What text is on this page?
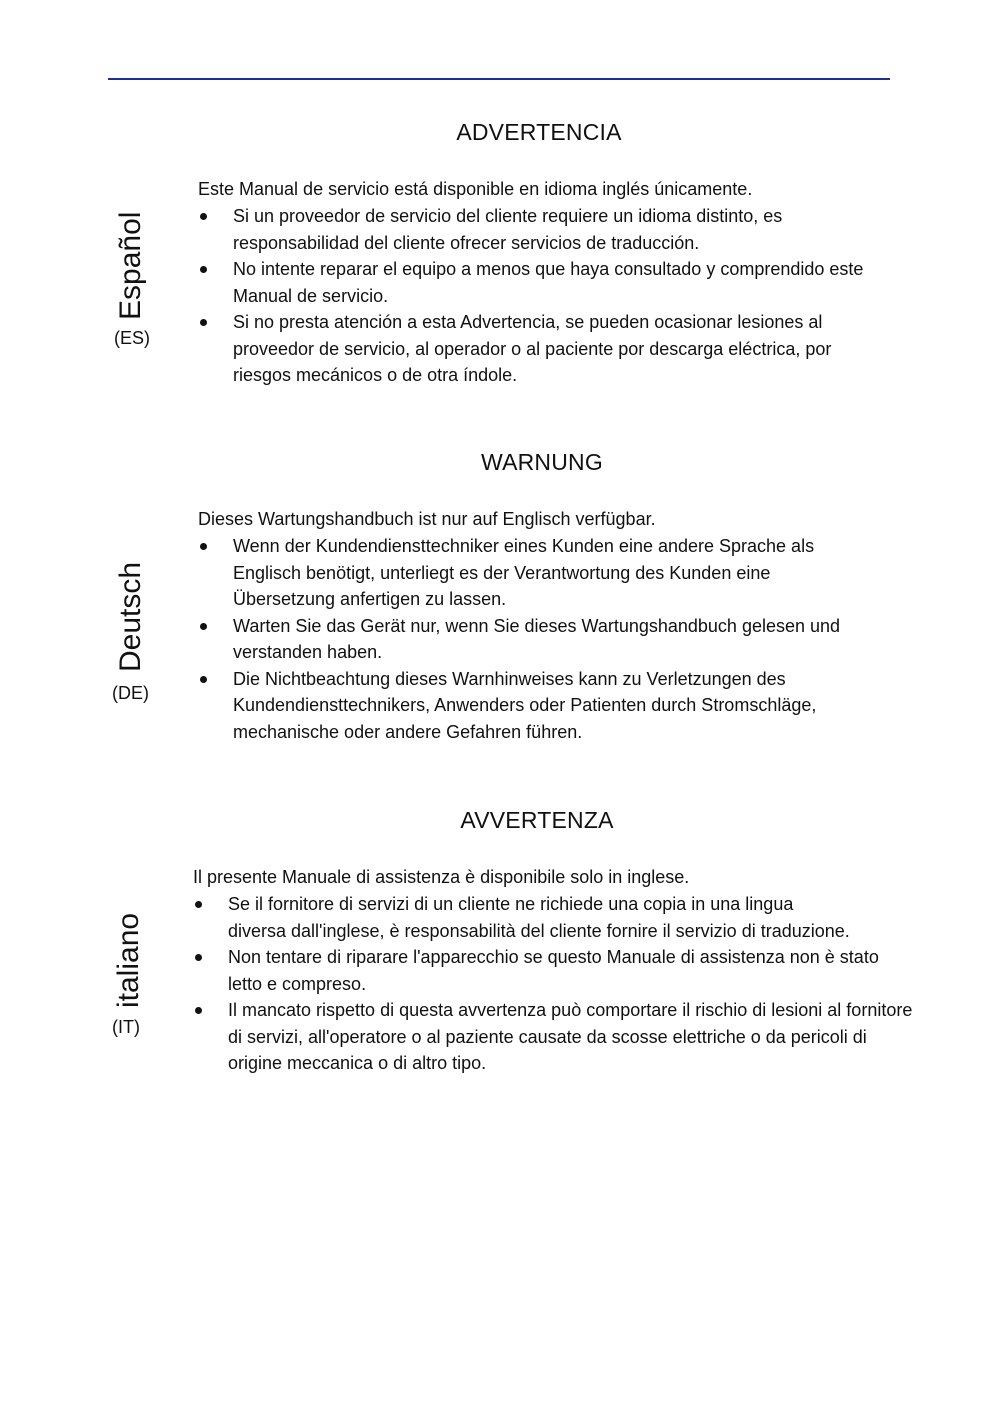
Español
(ES)
ADVERTENCIA
Este Manual de servicio está disponible en idioma inglés únicamente.
Si un proveedor de servicio del cliente requiere un idioma distinto, es responsabilidad del cliente ofrecer servicios de traducción.
No intente reparar el equipo a menos que haya consultado y comprendido este Manual de servicio.
Si no presta atención a esta Advertencia, se pueden ocasionar lesiones al proveedor de servicio, al operador o al paciente por descarga eléctrica, por riesgos mecánicos o de otra índole.
Deutsch
(DE)
WARNUNG
Dieses Wartungshandbuch ist nur auf Englisch verfügbar.
Wenn der Kundendiensttechniker eines Kunden eine andere Sprache als Englisch benötigt, unterliegt es der Verantwortung des Kunden eine Übersetzung anfertigen zu lassen.
Warten Sie das Gerät nur, wenn Sie dieses Wartungshandbuch gelesen und verstanden haben.
Die Nichtbeachtung dieses Warnhinweises kann zu Verletzungen des Kundendiensttechnikers, Anwenders oder Patienten durch Stromschläge, mechanische oder andere Gefahren führen.
italiano
(IT)
AVVERTENZA
Il presente Manuale di assistenza è disponibile solo in inglese.
Se il fornitore di servizi di un cliente ne richiede una copia in una lingua diversa dall'inglese, è responsabilità del cliente fornire il servizio di traduzione.
Non tentare di riparare l'apparecchio se questo Manuale di assistenza non è stato letto e compreso.
Il mancato rispetto di questa avvertenza può comportare il rischio di lesioni al fornitore di servizi, all'operatore o al paziente causate da scosse elettriche o da pericoli di origine meccanica o di altro tipo.
